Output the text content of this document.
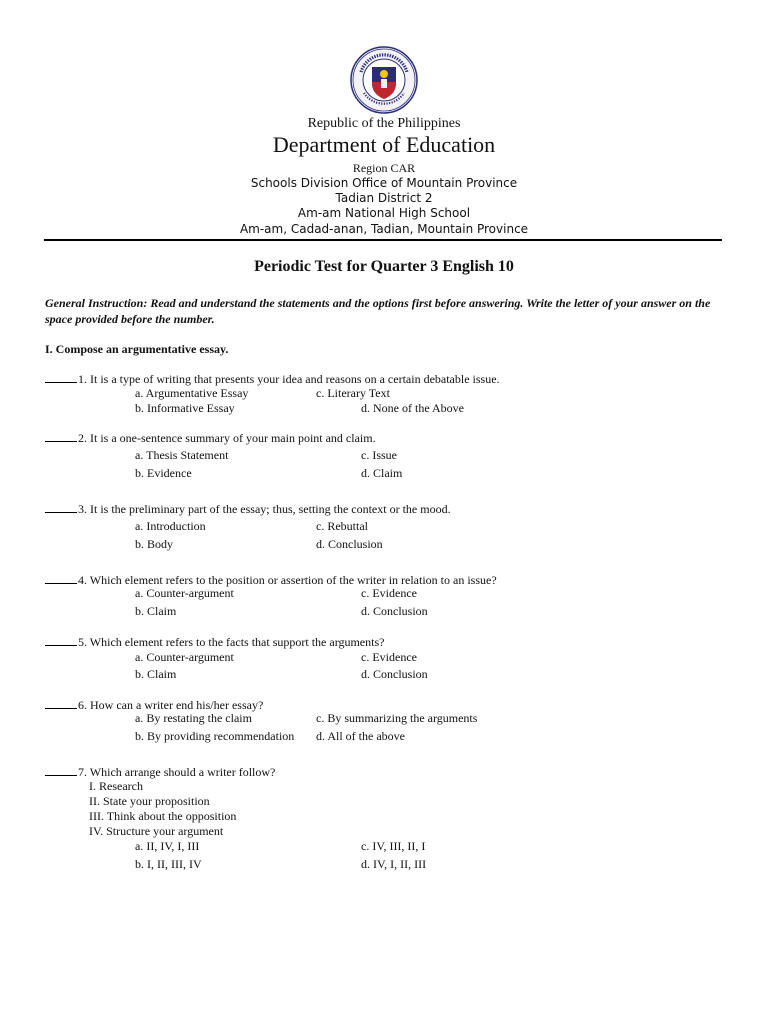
Republic of the Philippines
Department of Education
Region CAR
Schools Division Office of Mountain Province
Tadian District 2
Am-am National High School
Am-am, Cadad-anan, Tadian, Mountain Province
Periodic Test for Quarter 3 English 10
General Instruction: Read and understand the statements and the options first before answering. Write the letter of your answer on the space provided before the number.
I. Compose an argumentative essay.
1. It is a type of writing that presents your idea and reasons on a certain debatable issue.
a. Argumentative Essay	c. Literary Text
b. Informative Essay	d. None of the Above
2. It is a one-sentence summary of your main point and claim.
a. Thesis Statement	c. Issue
b. Evidence	d. Claim
3. It is the preliminary part of the essay; thus, setting the context or the mood.
a. Introduction	c. Rebuttal
b. Body	d. Conclusion
4. Which element refers to the position or assertion of the writer in relation to an issue?
a. Counter-argument	c. Evidence
b. Claim	d. Conclusion
5. Which element refers to the facts that support the arguments?
a. Counter-argument	c. Evidence
b. Claim	d. Conclusion
6. How can a writer end his/her essay?
a. By restating the claim	c. By summarizing the arguments
b. By providing recommendation d. All of the above
7. Which arrange should a writer follow?
I. Research
II. State your proposition
III. Think about the opposition
IV. Structure your argument
a. II, IV, I, III	c. IV, III, II, I
b. I, II, III, IV	d. IV, I, II, III
